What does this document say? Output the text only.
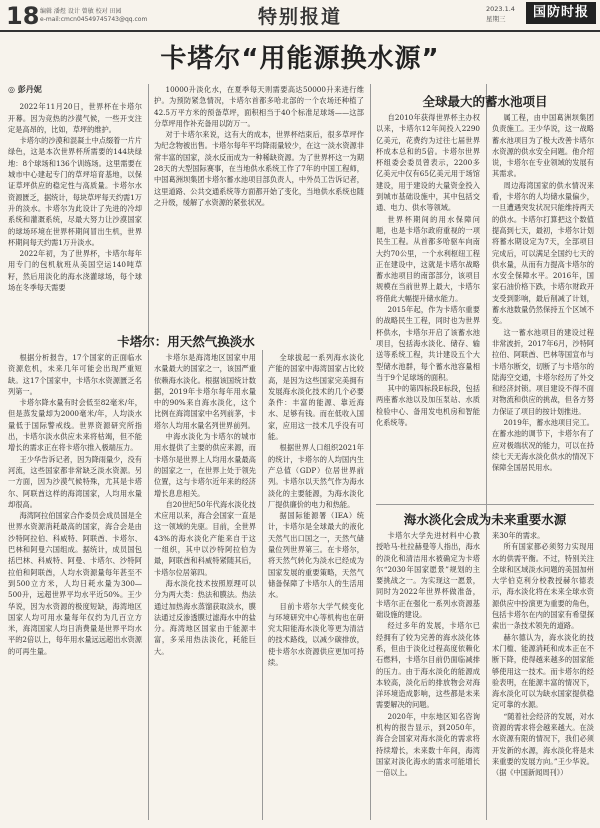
18 编辑 潘煜 设计 曾敏 校对 田园
e-mail:cmcn04549745743@qq.com	特别报道	2023.1.4
星期三	国防时报
卡塔尔“用能源换水源”
◎ 彭丹妮

2022年11月20日，世界杯在卡塔尔开幕。因为竞热的沙漠气候，一些开支注定是高昂的，比如，草坪的维护。

卡塔尔的沙漠和混凝土中点缀着一片片绿色，这是本次世界杯所需要的144块绿地：8个球场和136个训练场。这里需要在城市中心建起专门的草坪培育基地，以保证草坪供应的稳定性与高质量。卡塔尔水资源匮乏，据统计，每块草坪每天约需1万升的淡水。卡塔尔为此设计了先进的冷却系统和灌溉系统，尽最大努力让沙漠国家的球场环境在世界杯期间冒出生机，世界杯期间每天约需1万升淡水。

2022年初，为了世界杯，卡塔尔每年用专门的包机航班从美国空运140吨草籽，然后用淡化的海水浇灌球场，每个球场在冬季每天需要

10000升淡化水，在夏季每天则需要高达50000升来进行维护。为预防紧急情况，卡塔尔首都多哈北部的一个农场还种植了42.5万平方米的预备草坪，面积相当于40个标准足球场——这部分草坪用作补充备用以防万一。

对于卡塔尔来说，这有大的成本，世界杯结束后，很多草坪作为纪念物被出售。卡塔尔每年平均降雨量较少，在这一淡水资源非常丰富的国家，淡水反而成为一种稀缺资源。为了世界杯这一为期28天的大型国际赛事，在当地供水系统工作了7年的中国工程师，中国葛洲坝集团卡塔尔蓄水池项目部负责人，中外员工告诉记者，这里道路、公共交通系统等方面都开始了变化，当地供水系统也随之升级，缓解了水资源的紧张状况。

卡塔尔：用天然气换淡水

根据分析报告，17个国家的正面临水资源危机，未来几年可能会出现严重短缺。这17个国家中，卡塔尔水资源匮乏名列第一。

卡塔尔降水量有时会低至82毫米/年，但是蒸发量却为2000毫米/年，人均淡水量低于国际警戒线。世界资源研究所指出，卡塔尔淡水供应未来将枯竭，但不能增长的需求正在将卡塔尔推入极端压力。

王少华告诉记者，因为降雨量少，没有河流，这些国家都非常缺乏淡水资源。另一方面，因为沙漠气候特殊，尤其是卡塔尔、阿联酋这样的海湾国家，人均用水量却很高。

海湾阿拉伯国家合作委员会成员国是全世界水资源消耗最高的国家，海合会是由沙特阿拉伯、科威特、阿联酋、卡塔尔、巴林和阿曼六国组成。据统计，成员国包括巴林、科威特、阿曼、卡塔尔、沙特阿拉伯和阿联酋，人均水资源量每年甚至不到500立方米，人均日耗水量为300—500升，远超世界平均水平近50%。王少华说，因为水资源的极度短缺，海湾地区国家人均可用水量每年仅约为几百立方米，海湾国家人均日消费量是世界平均水平的2倍以上，每年用水量远远超出水资源的可再生量。

卡塔尔是海湾地区国家中用水量最大的国家之一，该国严重依赖海水淡化。根据该国统计数据，2019年卡塔尔每年用水量中的90%来自海水淡化，这个比例在海湾国家中名列前茅，卡塔尔人均用水量名列世界前列。

中海水淡化为卡塔尔的城市用水提供了主要的供应来源，而卡塔尔是世界上人均用水量最高的国家之一，在世界上处于领先位置，这与卡塔尔近年来的经济增长息息相关。

自20世纪50年代海水淡化技术应用以来，海合会国家一直是这一领域的先驱。目前，全世界43%的海水淡化产能来自于这一组织，其中以沙特阿拉伯为最，阿联酋和科威特紧随其后，卡塔尔位居第四。

海水淡化技术按照原理可以分为两大类：热法和膜法。热法通过加热海水蒸馏获取淡水，膜法通过反渗透膜过滤海水中的盐分。海湾地区国家由于能源丰富，多采用热法淡化，耗能巨大。

全球拔起一系列海水淡化产能的国家中海湾国家占比较高，是因为这些国家完美拥有发展海水淡化技术的几个必要条件：丰富的能源、靠近海水、足够有钱。而在低收入国家，应用这一技术几乎没有可能。

根据世界人口组织2021年的统计，卡塔尔的人均国内生产总值（GDP）位居世界前列。卡塔尔以天然气作为海水淡化的主要能源，为海水淡化厂提供廉价的电力和热能。

据国际能源署（IEA）统计，卡塔尔是全球最大的液化天然气出口国之一，天然气储量位列世界第三。在卡塔尔，将天然气转化为淡水已经成为国家发展的重要策略，天然气储备保障了卡塔尔人的生活用水。

目前卡塔尔大学气候变化与环境研究中心等机构也在研究太阳能海水淡化等更为清洁的技术路线，以减少碳排放，使卡塔尔水资源供应更加可持续。

全球最大的蓄水池项目

自2010年获得世界杯主办权以来，卡塔尔12年间投入2290亿美元，花费约为过往七届世界杯成本总和的5倍。卡塔尔世界杯组委会委员曾表示，2200多亿美元中仅有65亿美元用于场馆建设，用于建设的大量资金投入到城市基础设施中，其中包括交通、电力、供水等领域。

世界杯期间的用水保障问题，也是卡塔尔政府重视的一项民生工程。从首都多哈驱车向南大约70公里，一个水利枢纽工程正在建设中，这就是卡塔尔战略蓄水池项目的南部部分，该项目规模在当前世界上最大，卡塔尔将借此大幅提升储水能力。

2015年起，作为卡塔尔重要的战略民生工程，同时也为世界杯供水，卡塔尔开启了该蓄水池项目，包括海水淡化、储存、输送等系统工程，共计建设五个大型储水池群，每个蓄水池容量相当于9个足球场的面积。

其中的第四标段E标段，包括两座蓄水池以及加压泵站、水质检验中心、备用发电机房和智能化系统等。

属工程，由中国葛洲坝集团负责施工。王少华说，这一战略蓄水池项目为了极大改善卡塔尔水资源的供水安全问题。他介绍说，卡塔尔在专业领域的发展有其需求。

周边海湾国家的供水情况来看，卡塔尔的人均储水量偏少，一旦遭遇突发状况只能维持两天的供水。卡塔尔打算把这个数值提高到七天，最初，卡塔尔计划将蓄水期设定为7天，全部项目完成后，可以满足全国约七天的供水量，从而有力提高卡塔尔的水安全保障水平。2016年，国家石油价格下跌，卡塔尔财政开支受到影响，最后削减了计划，蓄水池数量仍然保持五个区域不变。

这一蓄水池项目的建设过程非常波折，2017年6月，沙特阿拉伯、阿联酋、巴林等国宣布与卡塔尔断交，切断了与卡塔尔的陆海空交通，卡塔尔经历了外交和经济封锁。项目建设不得不面对物流和供应的挑战，但各方努力保证了项目的按计划推进。

2019年，蓄水池项目完工。在蓄水池的调节下，卡塔尔有了应对极端状况的能力，可以在持续七天无海水淡化供水的情况下保障全国居民用水。

海水淡化会成为未来重要水源

卡塔尔大学先进材料中心教授哈马·杜拉赫曼等人指出，海水的淡化和清洁用水被确定为卡塔尔“2030年国家愿景”规划的主要挑战之一。为实现这一愿景，同时为2022年世界杯做准备，卡塔尔正在强化一系列水资源基础设施的建设。

经过多年的发展，卡塔尔已经拥有了较为完善的海水淡化体系，但由于淡化过程高度依赖化石燃料，卡塔尔目前仍面临减排的压力。由于海水淡化的能源成本较高，淡化后的排放物会对海洋环境造成影响，这些都是未来需要解决的问题。

2020年，中东地区知名咨询机构的报告显示，到2050年，海合会国家对海水淡化的需求将持续增长，未来数十年间，海湾国家对淡化海水的需求可能增长一倍以上。

来30年的需求。

所有国家都必须努力实现用水的供需平衡。不过，特别关注全球和区域淡水问题的美国加州大学伯克利分校教授赫尔德表示，海水淡化将在未来全球水资源供应中扮演更为重要的角色，包括卡塔尔在内的国家有希望探索出一条技术领先的道路。

赫尔德认为，海水淡化的技术门槛、能源消耗和成本正在不断下降，使得越来越多的国家能够使用这一技术。而卡塔尔的经验表明，在能源丰富的情况下，海水淡化可以为缺水国家提供稳定可靠的水源。

“随着社会经济的发展，对水资源的需求将会越来越大。在淡水资源有限的情况下，我们必须开发新的水源，海水淡化将是未来重要的发展方向。”王少华说。（据《中国新闻周刊》）
